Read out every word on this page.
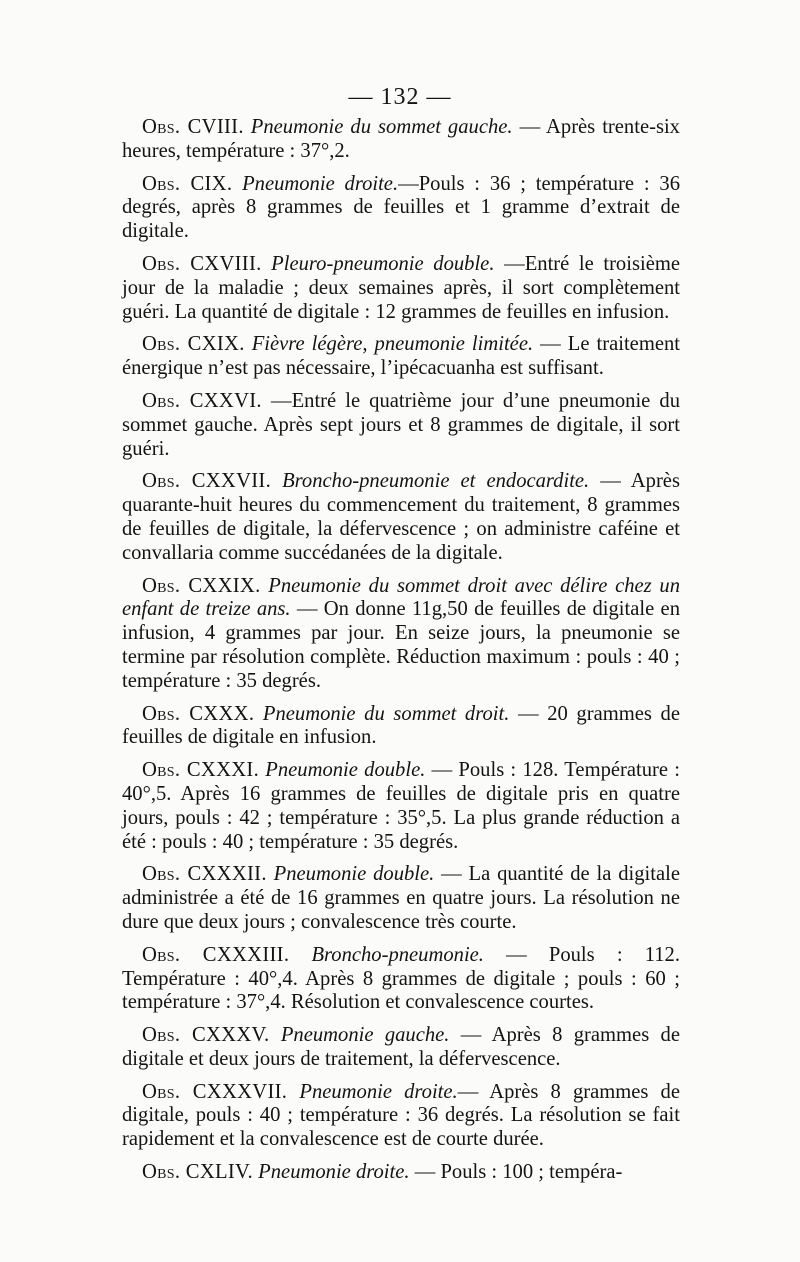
— 132 —

Obs. CVIII. Pneumonie du sommet gauche. — Après trente-six heures, température : 37°,2.

Obs. CIX. Pneumonie droite.—Pouls : 36 ; température : 36 degrés, après 8 grammes de feuilles et 1 gramme d’extrait de digitale.

Obs. CXVIII. Pleuro-pneumonie double. —Entré le troisième jour de la maladie ; deux semaines après, il sort complètement guéri. La quantité de digitale : 12 grammes de feuilles en infusion.

Obs. CXIX. Fièvre légère, pneumonie limitée. — Le traitement énergique n’est pas nécessaire, l’ipécacuanha est suffisant.

Obs. CXXVI. —Entré le quatrième jour d’une pneumonie du sommet gauche. Après sept jours et 8 grammes de digitale, il sort guéri.

Obs. CXXVII. Broncho-pneumonie et endocardite. — Après quarante-huit heures du commencement du traitement, 8 grammes de feuilles de digitale, la défervescence ; on administre caféine et convallaria comme succédanées de la digitale.

Obs. CXXIX. Pneumonie du sommet droit avec délire chez un enfant de treize ans. — On donne 11g,50 de feuilles de digitale en infusion, 4 grammes par jour. En seize jours, la pneumonie se termine par résolution complète. Réduction maximum : pouls : 40 ; température : 35 degrés.

Obs. CXXX. Pneumonie du sommet droit. — 20 grammes de feuilles de digitale en infusion.

Obs. CXXXI. Pneumonie double. — Pouls : 128. Température : 40°,5. Après 16 grammes de feuilles de digitale pris en quatre jours, pouls : 42 ; température : 35°,5. La plus grande réduction a été : pouls : 40 ; température : 35 degrés.

Obs. CXXXII. Pneumonie double. — La quantité de la digitale administrée a été de 16 grammes en quatre jours. La résolution ne dure que deux jours ; convalescence très courte.

Obs. CXXXIII. Broncho-pneumonie. — Pouls : 112. Température : 40°,4. Après 8 grammes de digitale ; pouls : 60 ; température : 37°,4. Résolution et convalescence courtes.

Obs. CXXXV. Pneumonie gauche. — Après 8 grammes de digitale et deux jours de traitement, la défervescence.

Obs. CXXXVII. Pneumonie droite.— Après 8 grammes de digitale, pouls : 40 ; température : 36 degrés. La résolution se fait rapidement et la convalescence est de courte durée.

Obs. CXLIV. Pneumonie droite. — Pouls : 100 ; tempéra-
